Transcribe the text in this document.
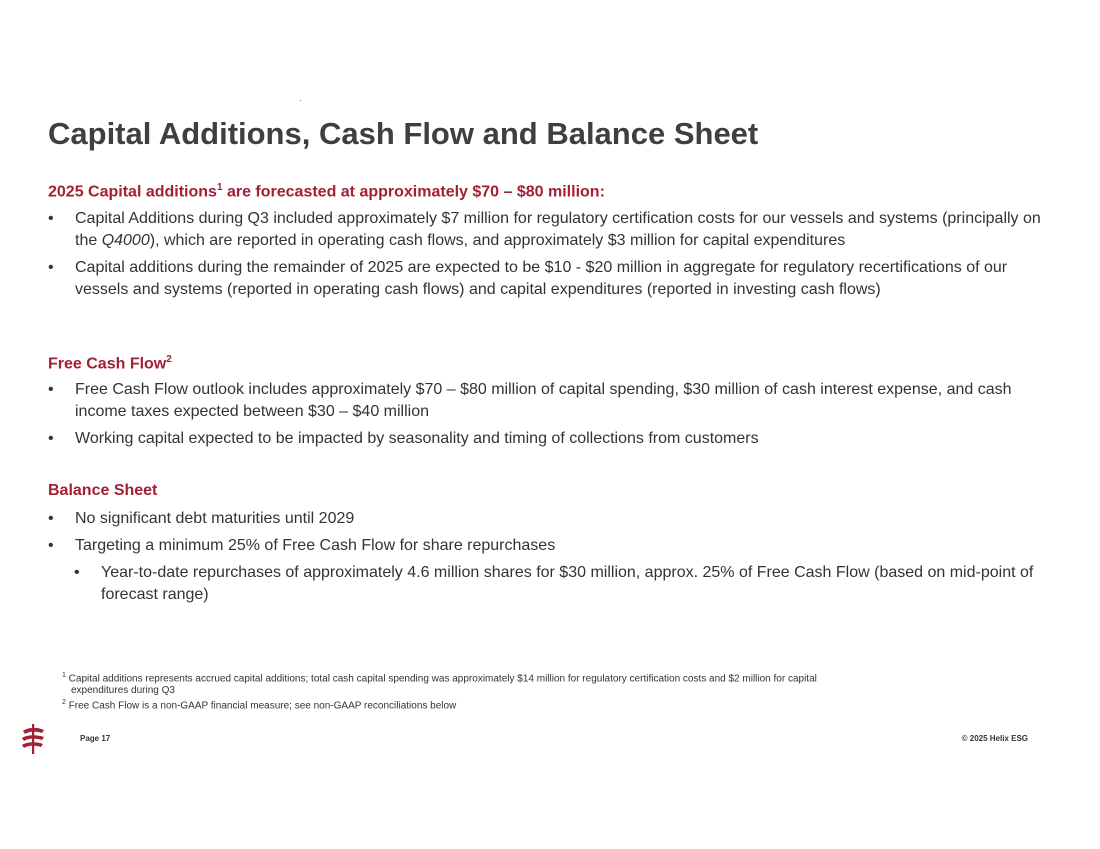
Capital Additions, Cash Flow and Balance Sheet

2025 Capital additions$^1$ are forecasted at approximately $70 – $80 million:

•	Capital Additions during Q3 included approximately $7 million for regulatory certification costs for our vessels and systems (principally on the Q4000), which are reported in operating cash flows, and approximately $3 million for capital expenditures
•	Capital additions during the remainder of 2025 are expected to be $10 - $20 million in aggregate for regulatory recertifications of our vessels and systems (reported in operating cash flows) and capital expenditures (reported in investing cash flows)

Free Cash Flow$^2$

•	Free Cash Flow outlook includes approximately $70 – $80 million of capital spending, $30 million of cash interest expense, and cash income taxes expected between $30 – $40 million
•	Working capital expected to be impacted by seasonality and timing of collections from customers

Balance Sheet

•	No significant debt maturities until 2029
•	Targeting a minimum 25% of Free Cash Flow for share repurchases
•	Year-to-date repurchases of approximately 4.6 million shares for $30 million, approx. 25% of Free Cash Flow (based on mid-point of forecast range)

$^1$ Capital additions represents accrued capital additions; total cash capital spending was approximately $14 million for regulatory certification costs and $2 million for capital

expenditures during Q3

$^2$ Free Cash Flow is a non-GAAP financial measure; see non-GAAP reconciliations below

Page 17	© 2025 Helix ESG
